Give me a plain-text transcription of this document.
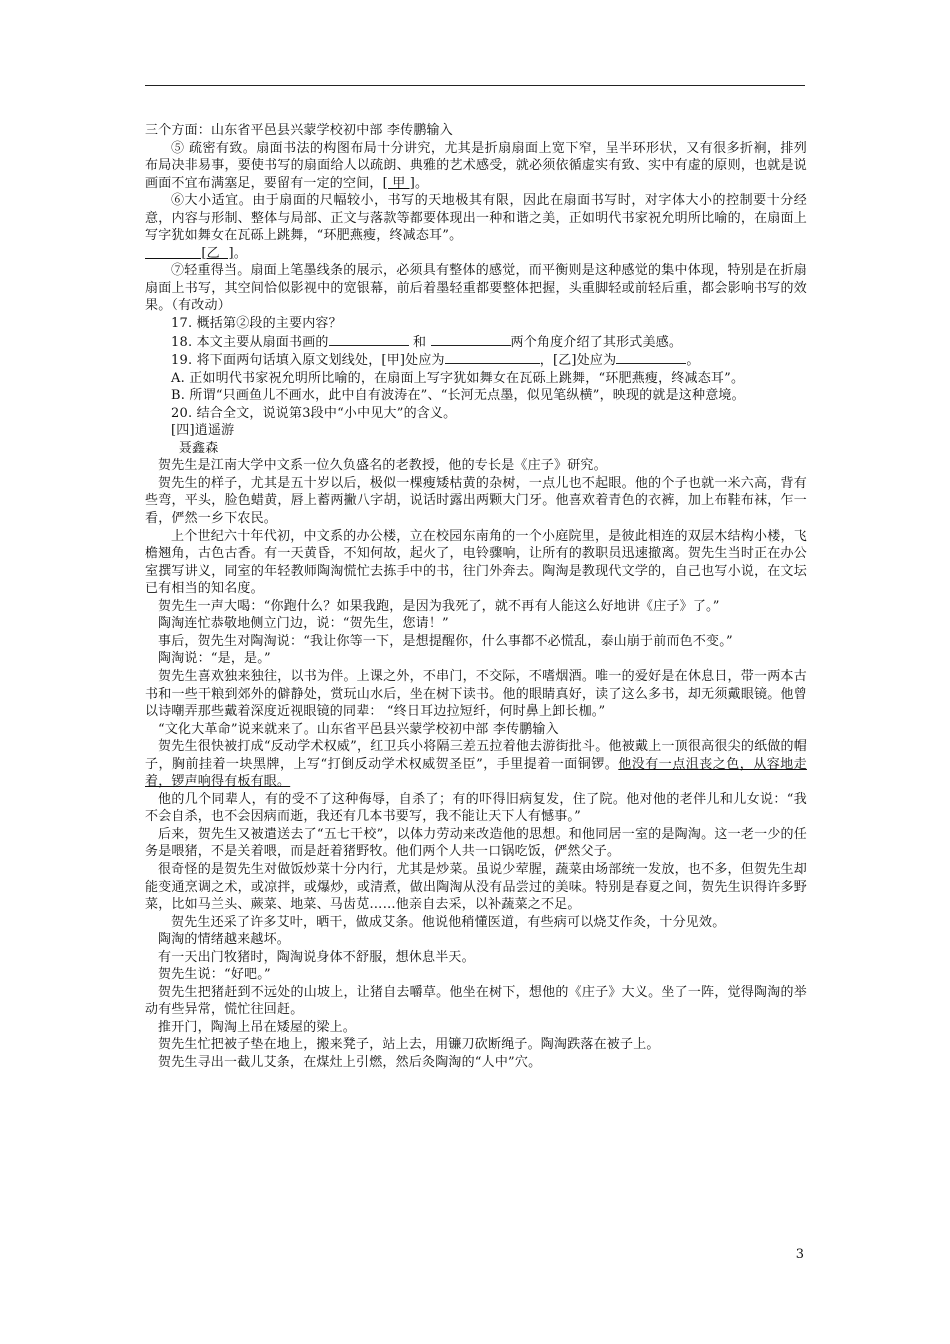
三个方面：山东省平邑县兴蒙学校初中部 李传鹏输入

⑤ 疏密有致。扇面书法的构图布局十分讲究，尤其是折扇扇面上宽下窄，呈半环形状，又有很多折裥，排列布局决非易事，要使书写的扇面给人以疏朗、典雅的艺术感受，就必须依循虚实有致、实中有虚的原则，也就是说画面不宜布满塞足，要留有一定的空间，[ 甲 ]。

⑥大小适宜。由于扇面的尺幅较小，书写的天地极其有限，因此在扇面书写时，对字体大小的控制要十分经意，内容与形制、整体与局部、正文与落款等都要体现出一种和谐之美，正如明代书家祝允明所比喻的，在扇面上写字犹如舞女在瓦砾上跳舞，“环肥燕瘦，终减态耳”。

[乙  ]。

⑦轻重得当。扇面上笔墨线条的展示，必须具有整体的感觉，而平衡则是这种感觉的集中体现，特别是在折扇扇面上书写，其空间恰似影视中的宽银幕，前后着墨轻重都要整体把握，头重脚轻或前轻后重，都会影响书写的效果。（有改动）

17. 概括第②段的主要内容？

18. 本文主要从扇面书画的	和	两个角度介绍了其形式美感。

19. 将下面两句话填入原文划线处，[甲]处应为	，[乙]处应为	。

A. 正如明代书家祝允明所比喻的，在扇面上写字犹如舞女在瓦砾上跳舞，“环肥燕瘦，终减态耳”。

B. 所谓“只画鱼儿不画水，此中自有波涛在”、“长河无点墨，似见笔纵横”，映现的就是这种意境。

20. 结合全文，说说第3段中“小中见大”的含义。

[四]逍遥游

聂鑫森

贺先生是江南大学中文系一位久负盛名的老教授，他的专长是《庄子》研究。

贺先生的样子，尤其是五十岁以后，极似一棵瘦矮枯黄的杂树，一点儿也不起眼。他的个子也就一米六高，背有些弯，平头，脸色蜡黄，唇上蓄两撇八字胡，说话时露出两颗大门牙。他喜欢着青色的衣裤，加上布鞋布袜，乍一看，俨然一乡下农民。

上个世纪六十年代初，中文系的办公楼，立在校园东南角的一个小庭院里，是彼此相连的双层木结构小楼，飞檐翘角，古色古香。有一天黄昏，不知何故，起火了，电铃骤响，让所有的教职员迅速撤离。贺先生当时正在办公室撰写讲义，同室的年轻教师陶淘慌忙去拣手中的书，往门外奔去。陶淘是教现代文学的，自己也写小说，在文坛已有相当的知名度。

贺先生一声大喝：“你跑什么？如果我跑，是因为我死了，就不再有人能这么好地讲《庄子》了。”

陶淘连忙恭敬地侧立门边，说：“贺先生，您请！”

事后，贺先生对陶淘说：“我让你等一下，是想提醒你，什么事都不必慌乱，泰山崩于前而色不变。”

陶淘说：“是，是。”

贺先生喜欢独来独往，以书为伴。上课之外，不串门，不交际，不嗜烟酒。唯一的爱好是在休息日，带一两本古书和一些干粮到郊外的僻静处，赏玩山水后，坐在树下读书。他的眼睛真好，读了这么多书，却无须戴眼镜。他曾以诗嘲弄那些戴着深度近视眼镜的同辈： “终日耳边拉短纤，何时鼻上卸长枷。”

“文化大革命”说来就来了。山东省平邑县兴蒙学校初中部 李传鹏输入

贺先生很快被打成“反动学术权威”，红卫兵小将隔三差五拉着他去游街批斗。他被戴上一顶很高很尖的纸做的帽子，胸前挂着一块黑牌，上写“打倒反动学术权威贺圣臣”，手里提着一面铜锣。他没有一点沮丧之色，从容地走着，锣声响得有板有眼。

他的几个同辈人，有的受不了这种侮辱，自杀了；有的吓得旧病复发，住了院。他对他的老伴儿和儿女说：“我不会自杀，也不会因病而逝，我还有几本书要写，我不能让天下人有憾事。”

后来，贺先生又被遣送去了“五七干校”，以体力劳动来改造他的思想。和他同居一室的是陶淘。这一老一少的任务是喂猪，不是关着喂，而是赶着猪野牧。他们两个人共一口锅吃饭，俨然父子。

很奇怪的是贺先生对做饭炒菜十分内行，尤其是炒菜。虽说少荤腥，蔬菜由场部统一发放，也不多，但贺先生却能变通烹调之术，或凉拌，或爆炒，或清煮，做出陶淘从没有品尝过的美味。特别是春夏之间，贺先生识得许多野菜，比如马兰头、蕨菜、地菜、马齿苋……他亲自去采，以补蔬菜之不足。

贺先生还采了许多艾叶，晒干，做成艾条。他说他稍懂医道，有些病可以烧艾作灸，十分见效。

陶淘的情绪越来越坏。

有一天出门牧猪时，陶淘说身体不舒服，想休息半天。

贺先生说：“好吧。”

贺先生把猪赶到不远处的山坡上，让猪自去嚼草。他坐在树下，想他的《庄子》大义。坐了一阵，觉得陶淘的举动有些异常，慌忙往回赶。

推开门，陶淘上吊在矮屋的梁上。

贺先生忙把被子垫在地上，搬来凳子，站上去，用镰刀砍断绳子。陶淘跌落在被子上。

贺先生寻出一截儿艾条，在煤灶上引燃，然后灸陶淘的“人中”穴。

3
